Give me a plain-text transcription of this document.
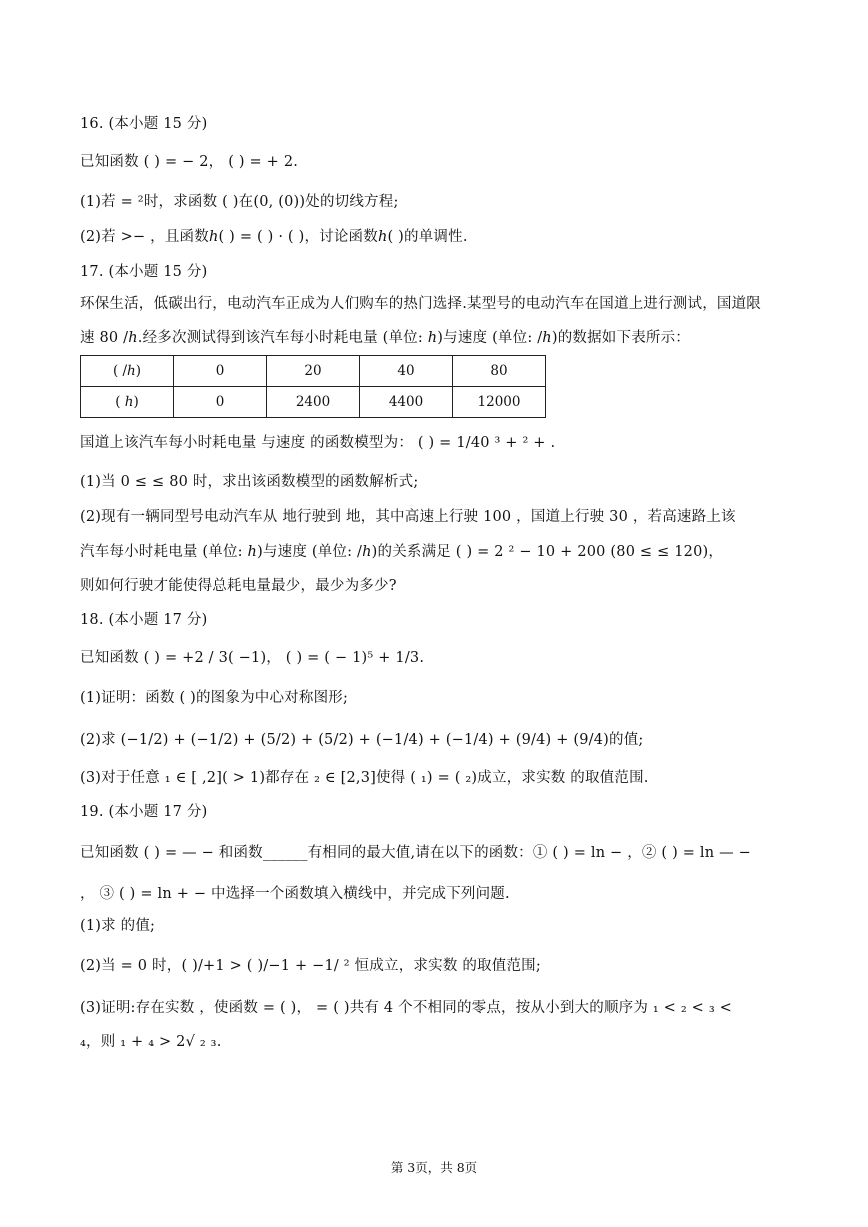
16. (本小题 15 分)
已知函数 ( ) = − 2， ( ) = + 2.
(1)若 = ²时，求函数 ( )在(0, (0))处的切线方程;
(2)若 >− ，且函数ℎ( ) = ( ) · ( )，讨论函数ℎ( )的单调性.
17. (本小题 15 分)
环保生活，低碳出行，电动汽车正成为人们购车的热门选择.某型号的电动汽车在国道上进行测试，国道限
速 80 /ℎ.经多次测试得到该汽车每小时耗电量 (单位: ℎ)与速度 (单位: /ℎ)的数据如下表所示：
( /ℎ)	0	20	40	80
( ℎ)	0	2400	4400	12000
国道上该汽车每小时耗电量 与速度 的函数模型为： ( ) = 1/40 ³ + ² + .
(1)当 0 ≤ ≤ 80 时，求出该函数模型的函数解析式;
(2)现有一辆同型号电动汽车从 地行驶到 地，其中高速上行驶 100 ，国道上行驶 30 ，若高速路上该
汽车每小时耗电量 (单位: ℎ)与速度 (单位: /ℎ)的关系满足 ( ) = 2 ² − 10 + 200 (80 ≤ ≤ 120)，
则如何行驶才能使得总耗电量最少，最少为多少?
18. (本小题 17 分)
已知函数 ( ) = +2 / 3( −1)， ( ) = ( − 1)⁵ + 1/3.
(1)证明：函数 ( )的图象为中心对称图形;
(2)求 (−1/2) + (−1/2) + (5/2) + (5/2) + (−1/4) + (−1/4) + (9/4) + (9/4)的值;
(3)对于任意 ₁ ∈ [ ,2]( > 1)都存在 ₂ ∈ [2,3]使得 ( ₁) = ( ₂)成立，求实数 的取值范围.
19. (本小题 17 分)
已知函数 ( ) = — − 和函数______有相同的最大值,请在以下的函数：① ( ) = ln − ，② ( ) = ln — −
， ③ ( ) = ln + − 中选择一个函数填入横线中，并完成下列问题.
(1)求 的值;
(2)当 = 0 时，( )/+1 > ( )/−1 + −1/ ² 恒成立，求实数 的取值范围;
(3)证明:存在实数 ，使函数 = ( )， = ( )共有 4 个不相同的零点，按从小到大的顺序为 ₁ < ₂ < ₃ <
₄，则 ₁ + ₄ > 2√ ₂ ₃.
第 3页，共 8页
